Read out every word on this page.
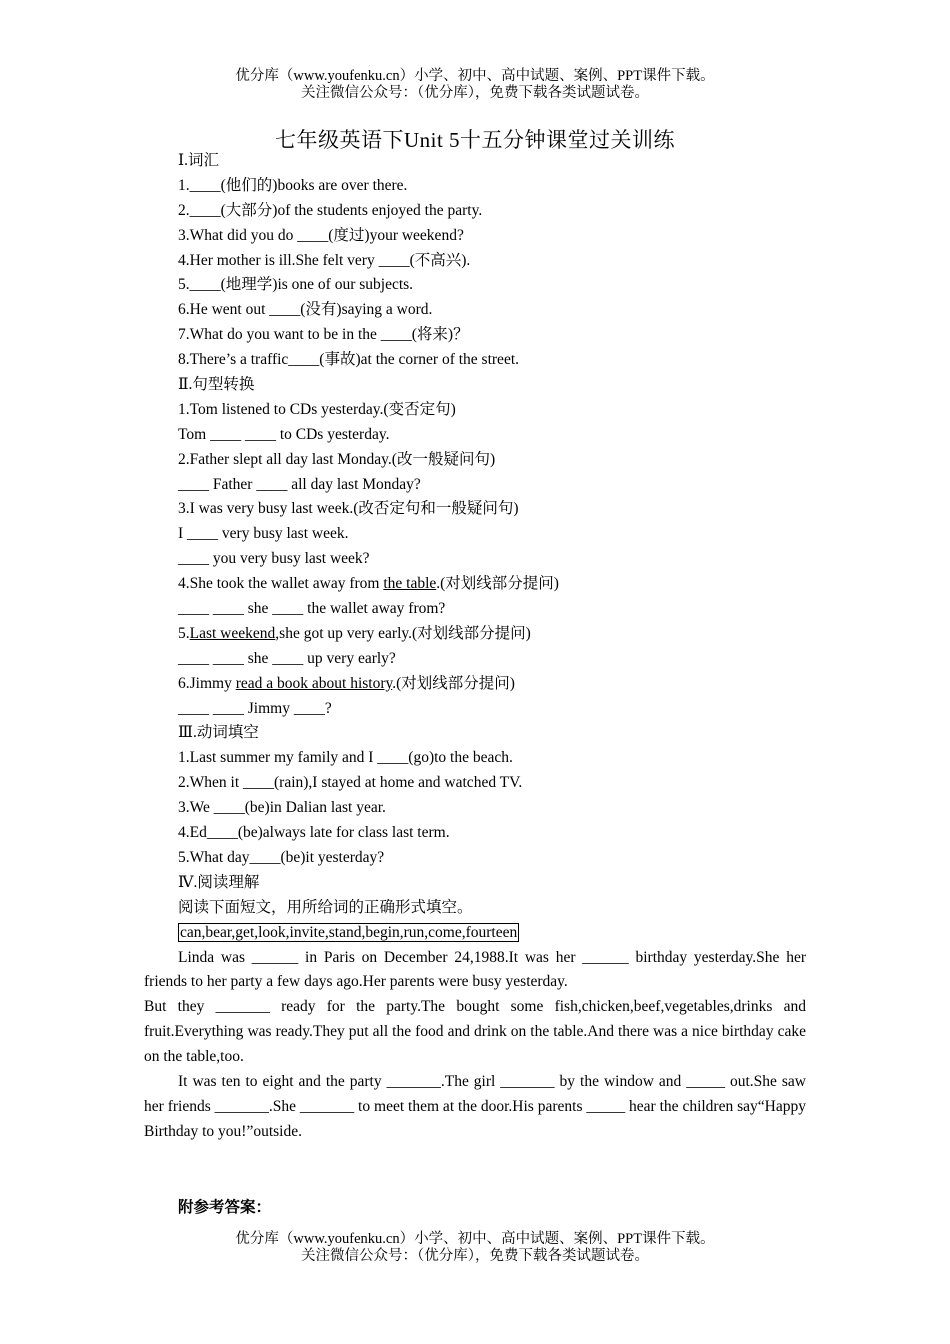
优分库（www.youfenku.cn）小学、初中、高中试题、案例、PPT课件下载。
关注微信公众号：（优分库），免费下载各类试题试卷。
七年级英语下Unit 5十五分钟课堂过关训练
Ⅰ.词汇
1.____(他们的)books are over there.
2.____(大部分)of the students enjoyed the party.
3.What did you do ____(度过)your weekend?
4.Her mother is ill.She felt very ____(不高兴).
5.____(地理学)is one of our subjects.
6.He went out ____(没有)saying a word.
7.What do you want to be in the ____(将来)？
8.There’s a traffic____(事故)at the corner of the street.
Ⅱ.句型转换
1.Tom listened to CDs yesterday.(变否定句)
Tom ____ ____ to CDs yesterday.
2.Father slept all day last Monday.(改一般疑问句)
____ Father ____ all day last Monday?
3.I was very busy last week.(改否定句和一般疑问句)
I ____ very busy last week.
____ you very busy last week?
4.She took the wallet away from the table.(对划线部分提问)
____ ____ she ____ the wallet away from?
5.Last weekend,she got up very early.(对划线部分提问)
____ ____ she ____ up very early?
6.Jimmy read a book about history.(对划线部分提问)
____ ____ Jimmy ____?
Ⅲ.动词填空
1.Last summer my family and I ____(go)to the beach.
2.When it ____(rain),I stayed at home and watched TV.
3.We ____(be)in Dalian last year.
4.Ed____(be)always late for class last term.
5.What day____(be)it yesterday?
Ⅳ.阅读理解
阅读下面短文，用所给词的正确形式填空。
can,bear,get,look,invite,stand,begin,run,come,fourteen
Linda was ______ in Paris on December 24,1988.It was her ______ birthday yesterday.She her friends to her party a few days ago.Her parents were busy yesterday.
But they _______ ready for the party.The bought some fish,chicken,beef,vegetables,drinks and fruit.Everything was ready.They put all the food and drink on the table.And there was a nice birthday cake on the table,too.
It was ten to eight and the party _______.The girl _______ by the window and _____ out.She saw her friends _______.She _______ to meet them at the door.His parents _____ hear the children say“Happy Birthday to you!”outside.
附参考答案：
优分库（www.youfenku.cn）小学、初中、高中试题、案例、PPT课件下载。
关注微信公众号：（优分库），免费下载各类试题试卷。
